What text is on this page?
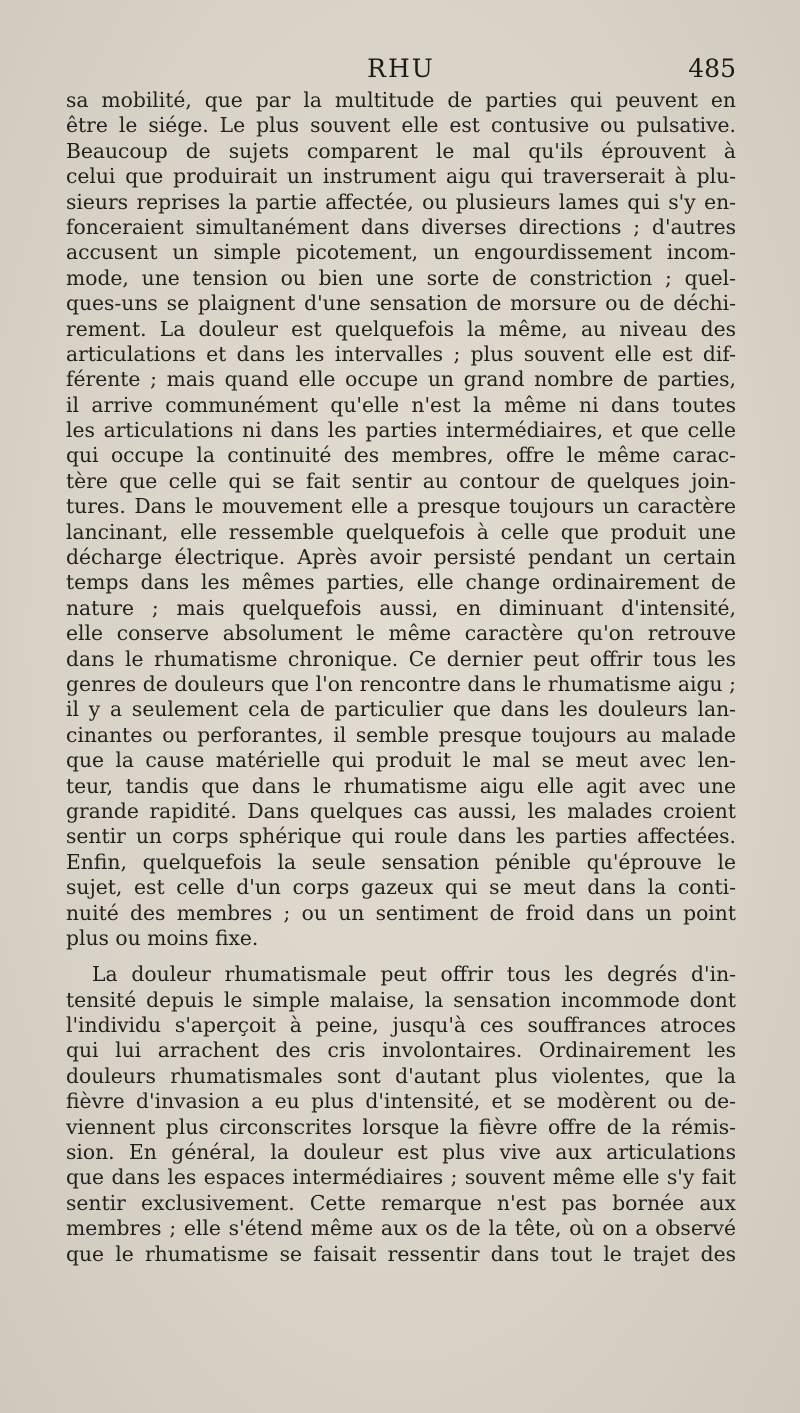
RHU	485
sa mobilité, que par la multitude de parties qui peuvent en
être le siége. Le plus souvent elle est contusive ou pulsative.
Beaucoup de sujets comparent le mal qu'ils éprouvent à
celui que produirait un instrument aigu qui traverserait à plu-
sieurs reprises la partie affectée, ou plusieurs lames qui s'y en-
fonceraient simultanément dans diverses directions ; d'autres
accusent un simple picotement, un engourdissement incom-
mode, une tension ou bien une sorte de constriction ; quel-
ques-uns se plaignent d'une sensation de morsure ou de déchi-
rement. La douleur est quelquefois la même, au niveau des
articulations et dans les intervalles ; plus souvent elle est dif-
férente ; mais quand elle occupe un grand nombre de parties,
il arrive communément qu'elle n'est la même ni dans toutes
les articulations ni dans les parties intermédiaires, et que celle
qui occupe la continuité des membres, offre le même carac-
tère que celle qui se fait sentir au contour de quelques join-
tures. Dans le mouvement elle a presque toujours un caractère
lancinant, elle ressemble quelquefois à celle que produit une
décharge électrique. Après avoir persisté pendant un certain
temps dans les mêmes parties, elle change ordinairement de
nature ; mais quelquefois aussi, en diminuant d'intensité,
elle conserve absolument le même caractère qu'on retrouve
dans le rhumatisme chronique. Ce dernier peut offrir tous les
genres de douleurs que l'on rencontre dans le rhumatisme aigu ;
il y a seulement cela de particulier que dans les douleurs lan-
cinantes ou perforantes, il semble presque toujours au malade
que la cause matérielle qui produit le mal se meut avec len-
teur, tandis que dans le rhumatisme aigu elle agit avec une
grande rapidité. Dans quelques cas aussi, les malades croient
sentir un corps sphérique qui roule dans les parties affectées.
Enfin, quelquefois la seule sensation pénible qu'éprouve le
sujet, est celle d'un corps gazeux qui se meut dans la conti-
nuité des membres ; ou un sentiment de froid dans un point
plus ou moins fixe.
La douleur rhumatismale peut offrir tous les degrés d'in-
tensité depuis le simple malaise, la sensation incommode dont
l'individu s'aperçoit à peine, jusqu'à ces souffrances atroces
qui lui arrachent des cris involontaires. Ordinairement les
douleurs rhumatismales sont d'autant plus violentes, que la
fièvre d'invasion a eu plus d'intensité, et se modèrent ou de-
viennent plus circonscrites lorsque la fièvre offre de la rémis-
sion. En général, la douleur est plus vive aux articulations
que dans les espaces intermédiaires ; souvent même elle s'y fait
sentir exclusivement. Cette remarque n'est pas bornée aux
membres ; elle s'étend même aux os de la tête, où on a observé
que le rhumatisme se faisait ressentir dans tout le trajet des
